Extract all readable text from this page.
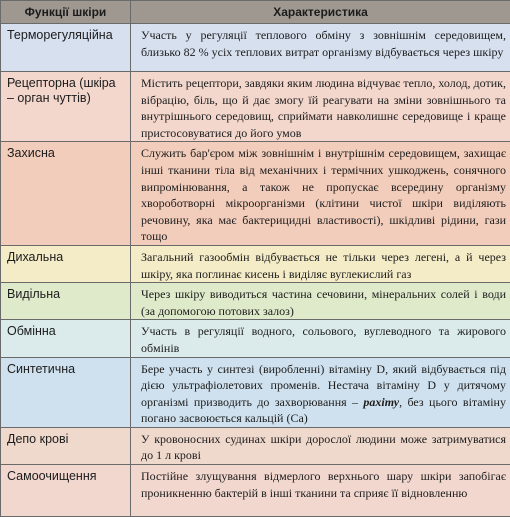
Функції шкіри	Характеристика
Терморегуляційна	Участь у регуляції теплового обміну з зовнішнім середовищем, близько 82 % усіх теплових витрат організму відбувається через шкіру
Рецепторна (шкіра – орган чуттів)	Містить рецептори, завдяки яким людина відчуває тепло, холод, дотик, вібрацію, біль, що й дає змогу їй реагувати на зміни зовнішнього та внутрішнього середовищ, сприймати навколишнє середовище і краще пристосовуватися до його умов
Захисна	Служить бар'єром між зовнішнім і внутрішнім середовищем, захищає інші тканини тіла від механічних і термічних ушкоджень, сонячного випромінювання, а також не пропускає всередину організму хвороботворні мікроорганізми (клітини чистої шкіри виділяють речовину, яка має бактерицидні властивості), шкідливі рідини, гази тощо
Дихальна	Загальний газообмін відбувається не тільки через легені, а й через шкіру, яка поглинає кисень і виділяє вуглекислий газ
Видільна	Через шкіру виводиться частина сечовини, мінеральних солей і води (за допомогою потових залоз)
Обмінна	Участь в регуляції водного, сольового, вуглеводного та жирового обмінів
Синтетична	Бере участь у синтезі (виробленні) вітаміну D, який відбувається під дією ультрафіолетових променів. Нестача вітаміну D у дитячому організмі призводить до захворювання – рахіту, без цього вітаміну погано засвоюється кальцій (Са)
Депо крові	У кровоносних судинах шкіри дорослої людини може затримуватися до 1 л крові
Самоочищення	Постійне злущування відмерлого верхнього шару шкіри запобігає проникненню бактерій в інші тканини та сприяє її відновленню
